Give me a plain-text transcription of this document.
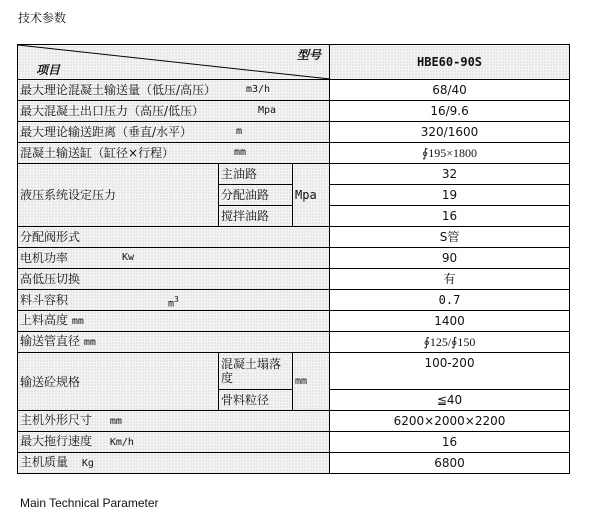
技术参数
型号
项目			HBE60-90S
最大理论混凝土输送量（低压/高压） m3/h			68/40
最大混凝土出口压力（高压/低压） Mpa			16/9.6
最大理论输送距离（垂直/水平） m			320/1600
混凝土输送缸（缸径×行程） mm			∮195×1800
液压系统设定压力	主油路	Mpa	32
	分配油路		19
	搅拌油路		16
分配阀形式			S管
电机功率 Kw			90
高低压切换			有
料斗容积 $m^3$			0.7
上料高度 mm			1400
输送管直径 mm			∮125/∮150
输送砼规格	混凝土塌落度	mm	100-200
	骨料粒径		≦40
主机外形尺寸 mm			6200×2000×2200
最大拖行速度 Km/h			16
主机质量 Kg			6800
Main Technical Parameter
